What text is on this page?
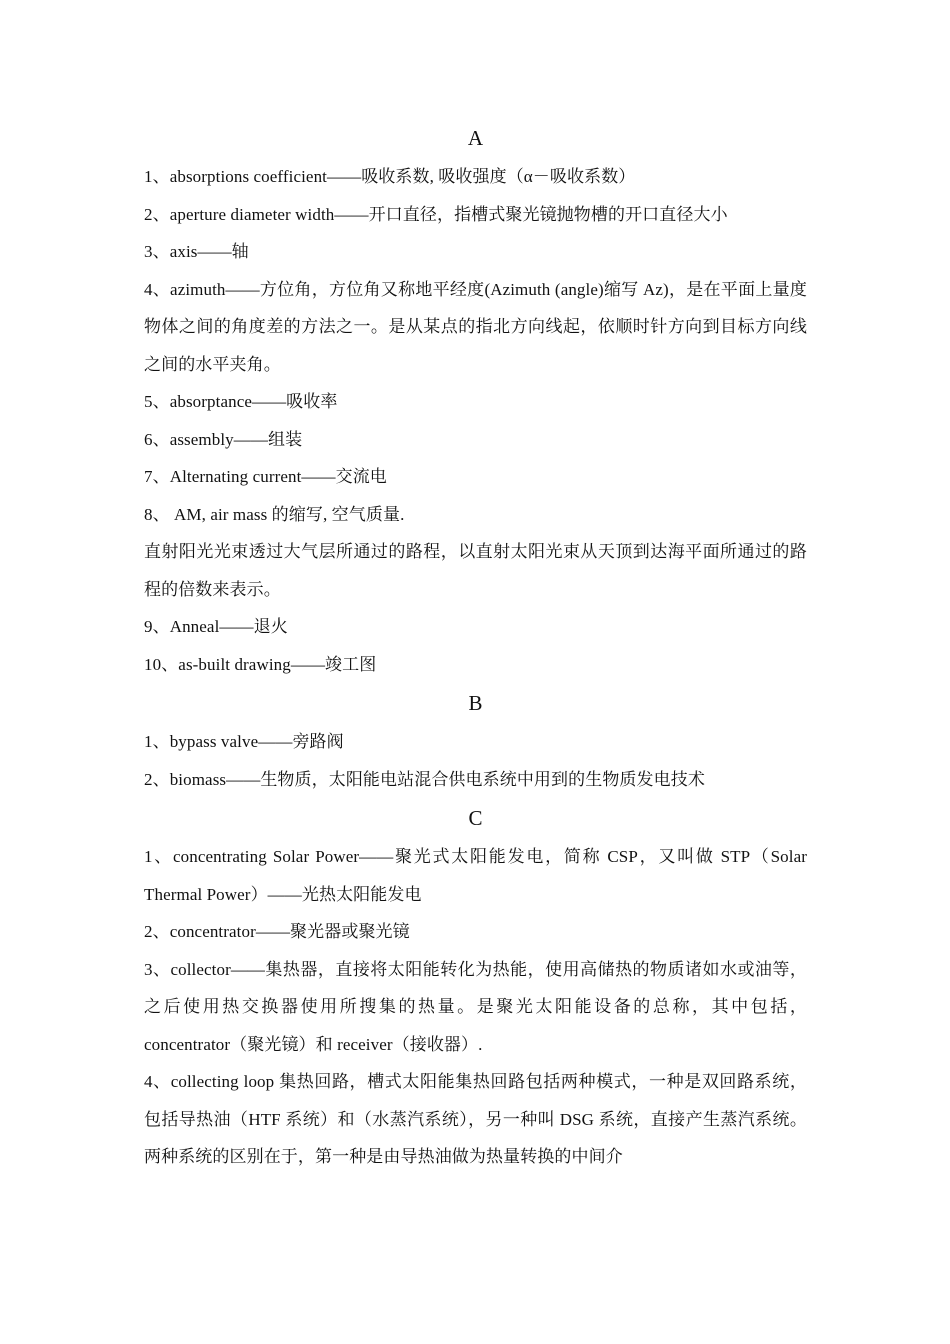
A

1、absorptions coefficient——吸收系数, 吸收强度（α－吸收系数）

2、aperture diameter width——开口直径，指槽式聚光镜抛物槽的开口直径大小

3、axis——轴

4、azimuth——方位角，方位角又称地平经度(Azimuth (angle)缩写 Az)，是在平面上量度物体之间的角度差的方法之一。是从某点的指北方向线起，依顺时针方向到目标方向线之间的水平夹角。

5、absorptance——吸收率

6、assembly——组装

7、Alternating current——交流电

8、 AM, air mass 的缩写, 空气质量.

直射阳光光束透过大气层所通过的路程，以直射太阳光束从天顶到达海平面所通过的路程的倍数来表示。

9、Anneal——退火

10、as-built drawing——竣工图

B

1、bypass valve——旁路阀

2、biomass——生物质，太阳能电站混合供电系统中用到的生物质发电技术

C

1、concentrating Solar Power——聚光式太阳能发电，简称 CSP，又叫做 STP（Solar Thermal Power）——光热太阳能发电

2、concentrator——聚光器或聚光镜

3、collector——集热器，直接将太阳能转化为热能，使用高储热的物质诸如水或油等，之后使用热交换器使用所搜集的热量。是聚光太阳能设备的总称，其中包括，concentrator（聚光镜）和 receiver（接收器）.

4、collecting loop 集热回路，槽式太阳能集热回路包括两种模式，一种是双回路系统，包括导热油（HTF 系统）和（水蒸汽系统），另一种叫 DSG 系统，直接产生蒸汽系统。两种系统的区别在于，第一种是由导热油做为热量转换的中间介
